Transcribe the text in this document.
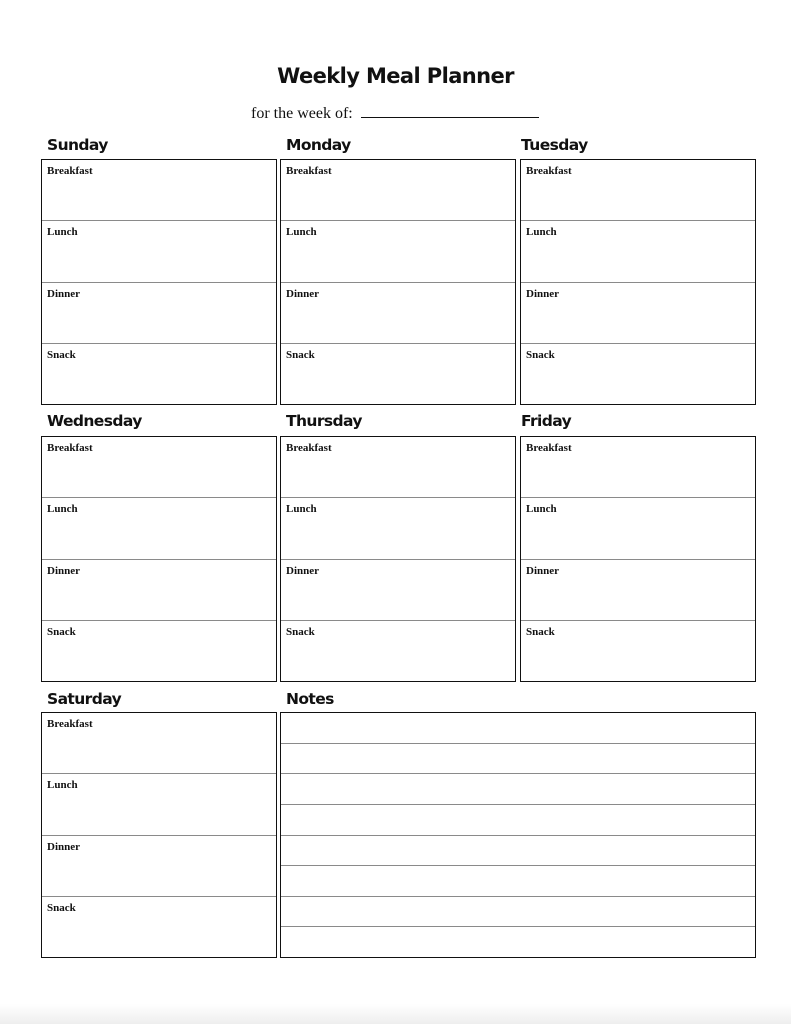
Weekly Meal Planner
for the week of:
Sunday
Breakfast
Lunch
Dinner
Snack
Monday
Breakfast
Lunch
Dinner
Snack
Tuesday
Breakfast
Lunch
Dinner
Snack
Wednesday
Breakfast
Lunch
Dinner
Snack
Thursday
Breakfast
Lunch
Dinner
Snack
Friday
Breakfast
Lunch
Dinner
Snack
Saturday
Breakfast
Lunch
Dinner
Snack
Notes
